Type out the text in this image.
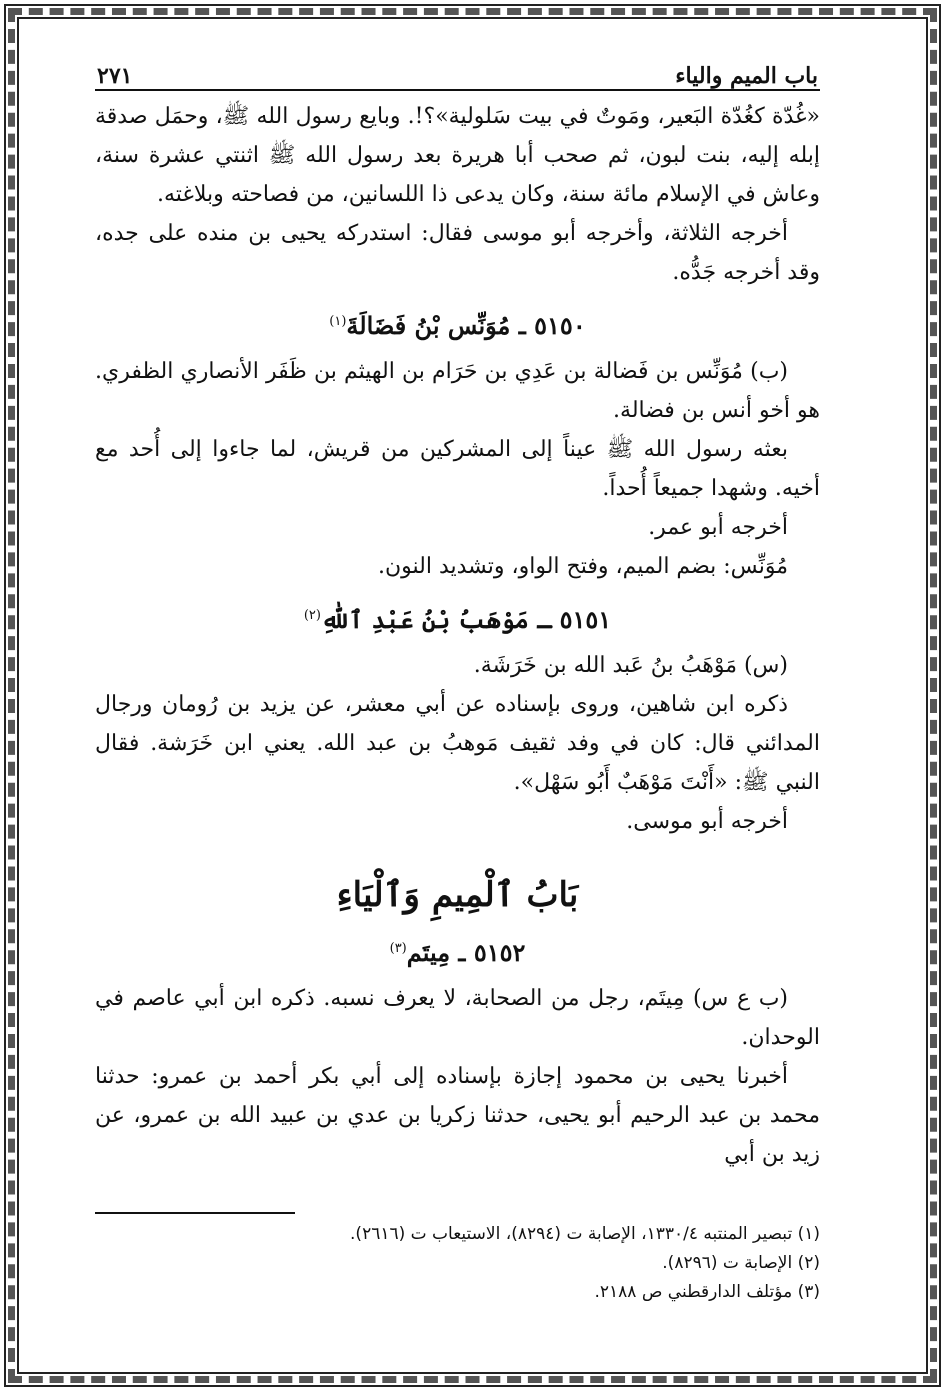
باب الميم والياء
٢٧١

«غُدّة كغُدّة البَعير، ومَوتٌ في بيت سَلولية»؟!. وبايع رسول الله ﷺ، وحمَل صدقة إبله إليه، بنت لبون، ثم صحب أبا هريرة بعد رسول الله ﷺ اثنتي عشرة سنة، وعاش في الإسلام مائة سنة، وكان يدعى ذا اللسانين، من فصاحته وبلاغته.

أخرجه الثلاثة، وأخرجه أبو موسى فقال: استدركه يحيى بن منده على جده، وقد أخرجه جَدُّه.

٥١٥٠ ـ مُوَنِّس بْنُ فَضَالَةَ$^{(١)}$

(ب) مُوَنِّس بن فَضالة بن عَدِي بن حَرَام بن الهيثم بن ظَفَر الأنصاري الظفري. هو أخو أنس بن فضالة.

بعثه رسول الله ﷺ عيناً إلى المشركين من قريش، لما جاءوا إلى أُحد مع أخيه. وشهدا جميعاً أُحداً.

أخرجه أبو عمر.

مُوَنِّس: بضم الميم، وفتح الواو، وتشديد النون.

٥١٥١ ـ مَوْهَبُ بْنُ عَبْدِ ٱللّٰهِ$^{(٢)}$

(س) مَوْهَبُ بنُ عَبد الله بن خَرَشَة.

ذكره ابن شاهين، وروى بإسناده عن أبي معشر، عن يزيد بن رُومان ورجال المدائني قال: كان في وفد ثقيف مَوهبُ بن عبد الله. يعني ابن خَرَشة. فقال النبي ﷺ: «أَنْتَ مَوْهَبٌ أَبُو سَهْل».

أخرجه أبو موسى.

بَابُ ٱلْمِيمِ وَٱلْيَاءِ
٥١٥٢ ـ مِيتَم$^{(٣)}$

(ب ع س) مِيتَم، رجل من الصحابة، لا يعرف نسبه. ذكره ابن أبي عاصم في الوحدان.

أخبرنا يحيى بن محمود إجازة بإسناده إلى أبي بكر أحمد بن عمرو: حدثنا محمد بن عبد الرحيم أبو يحيى، حدثنا زكريا بن عدي بن عبيد الله بن عمرو، عن زيد بن أبي

(١) تبصير المنتبه ١٣٣٠/٤، الإصابة ت (٨٢٩٤)، الاستيعاب ت (٢٦١٦).

(٢) الإصابة ت (٨٢٩٦).

(٣) مؤتلف الدارقطني ص ٢١٨٨.
